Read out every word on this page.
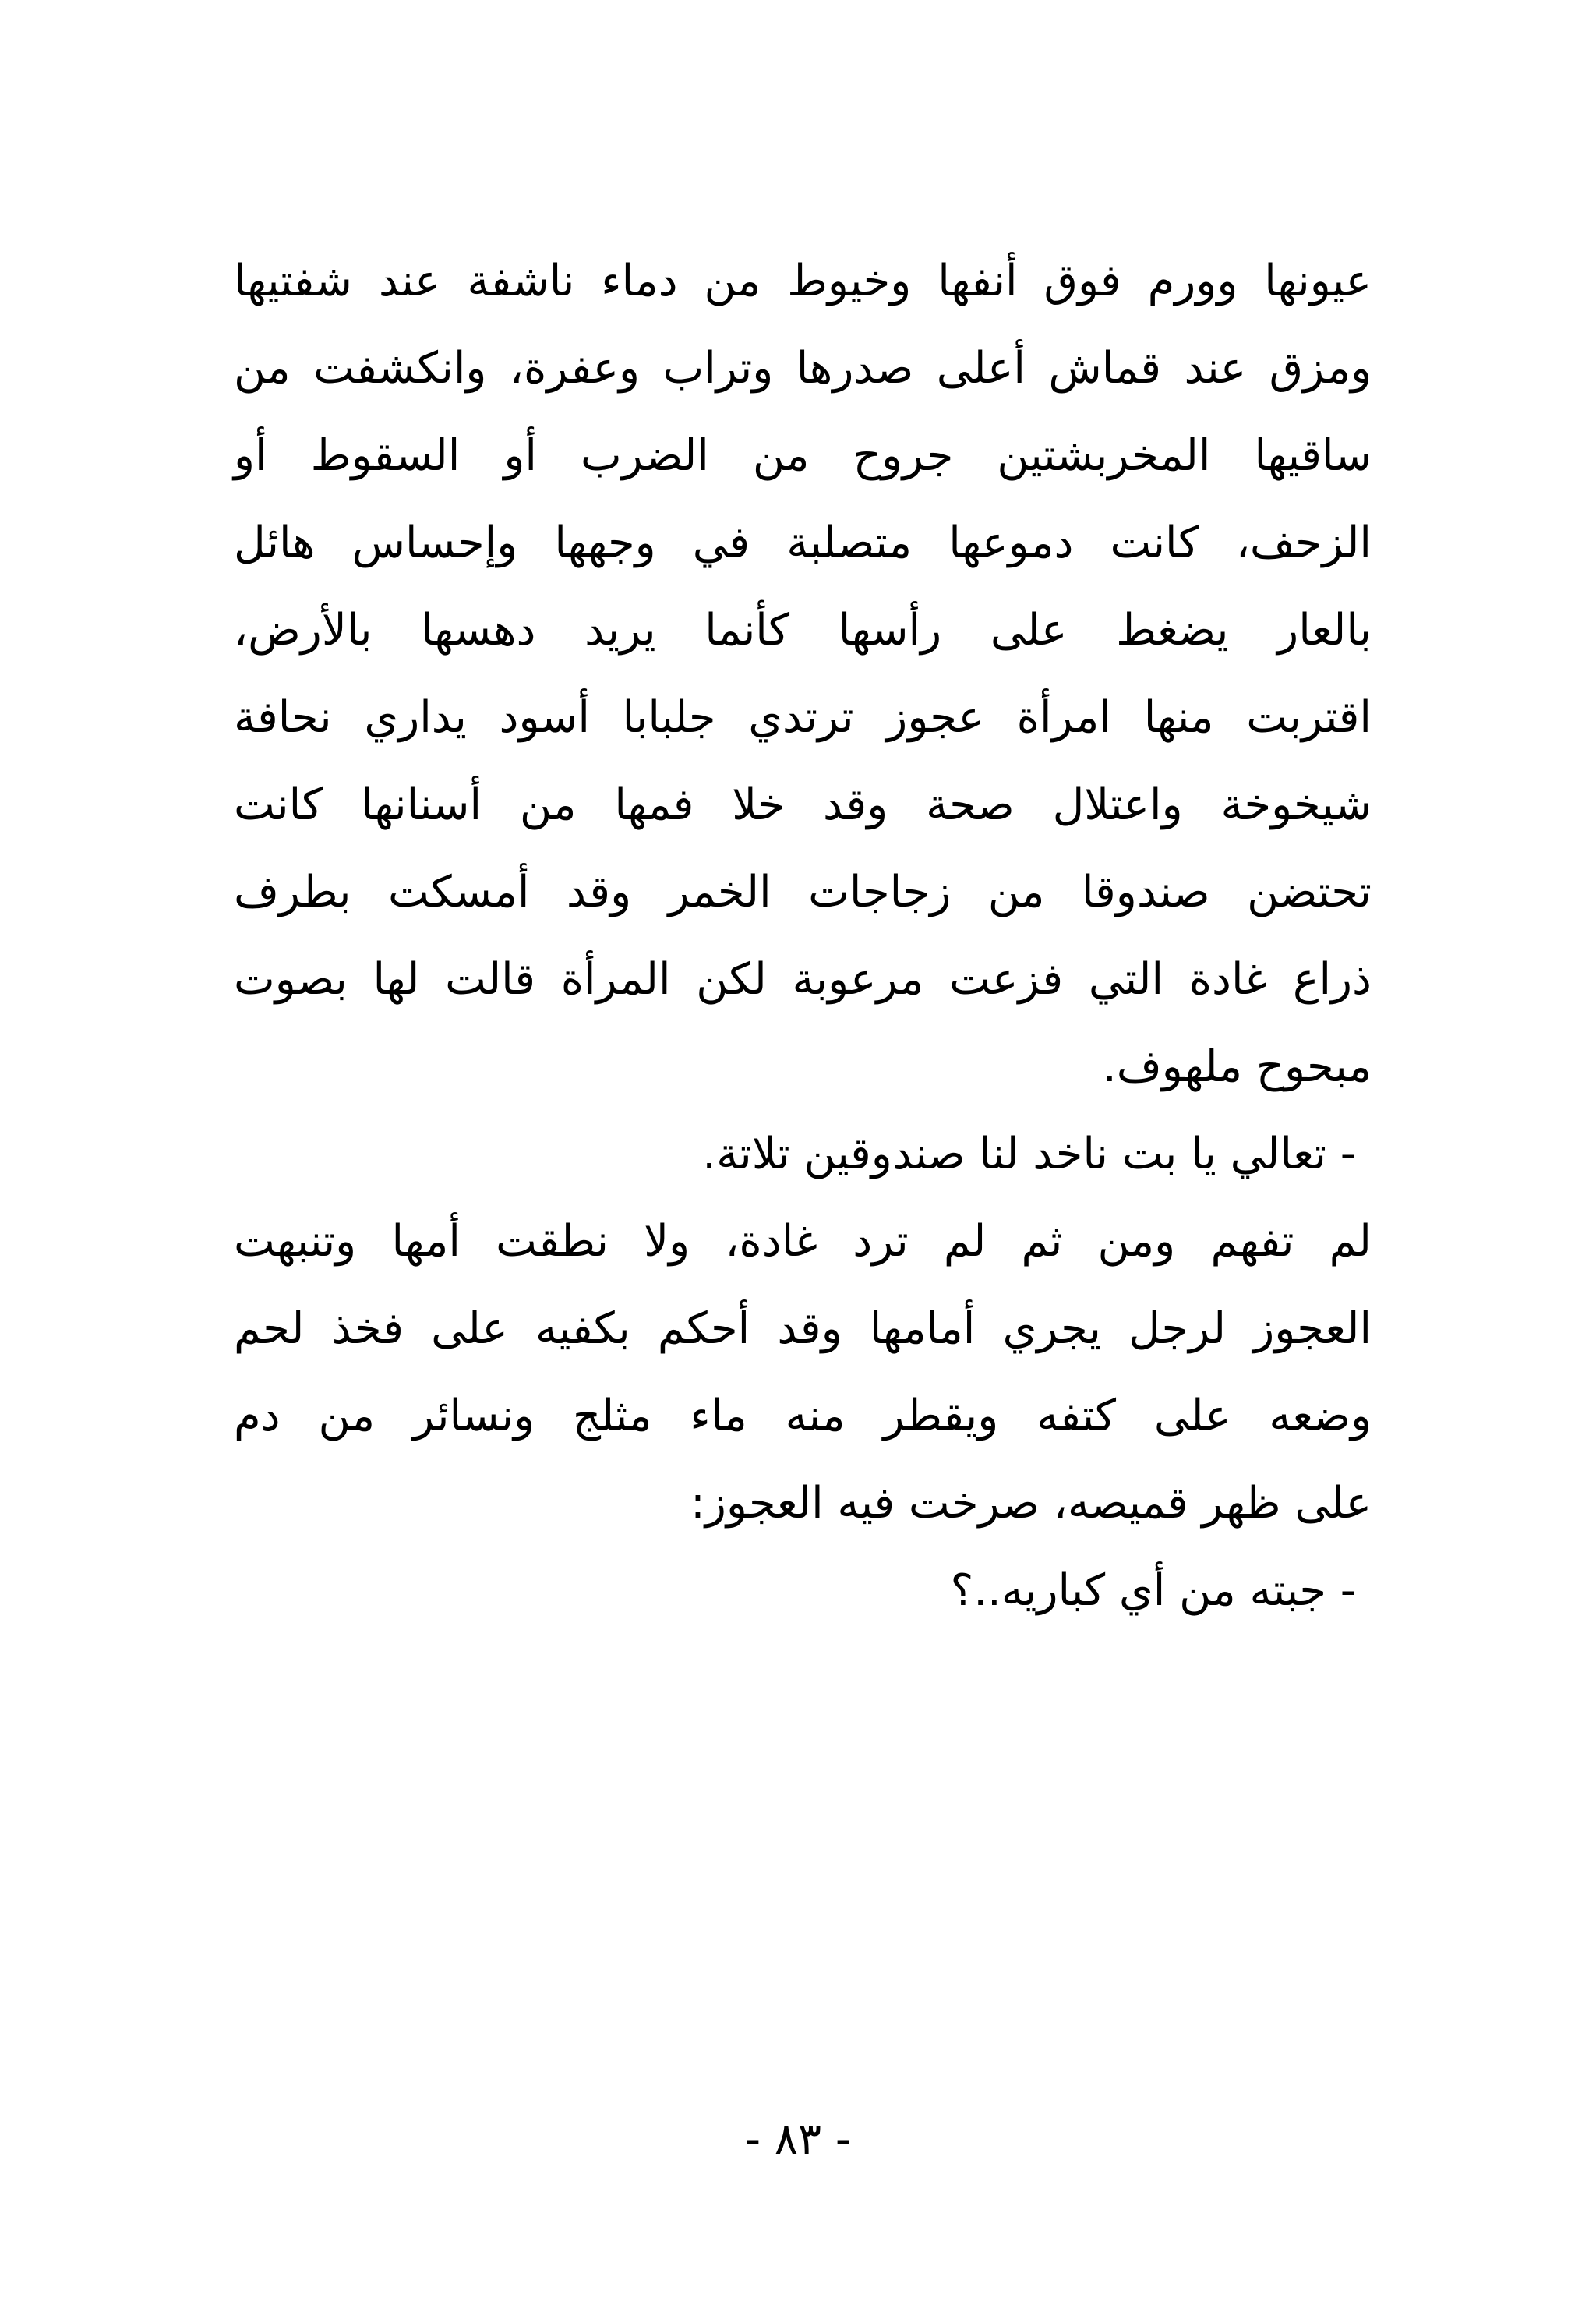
عيونها وورم فوق أنفها وخيوط من دماء ناشفة عند شفتيها
ومزق عند قماش أعلى صدرها وتراب وعفرة، وانكشفت من
ساقيها المخربشتين جروح من الضرب أو السقوط أو
الزحف، كانت دموعها متصلبة في وجهها وإحساس هائل
بالعار يضغط على رأسها كأنما يريد دهسها بالأرض،
اقتربت منها امرأة عجوز ترتدي جلبابا أسود يداري نحافة
شيخوخة واعتلال صحة وقد خلا فمها من أسنانها كانت
تحتضن صندوقا من زجاجات الخمر وقد أمسكت بطرف
ذراع غادة التي فزعت مرعوبة لكن المرأة قالت لها بصوت
مبحوح ملهوف.
- تعالي يا بت ناخد لنا صندوقين تلاتة.
لم تفهم ومن ثم لم ترد غادة، ولا نطقت أمها وتنبهت
العجوز لرجل يجري أمامها وقد أحكم بكفيه على فخذ لحم
وضعه على كتفه ويقطر منه ماء مثلج ونسائر من دم
على ظهر قميصه، صرخت فيه العجوز:
- جبته من أي كباريه..؟
- ٨٣ -
